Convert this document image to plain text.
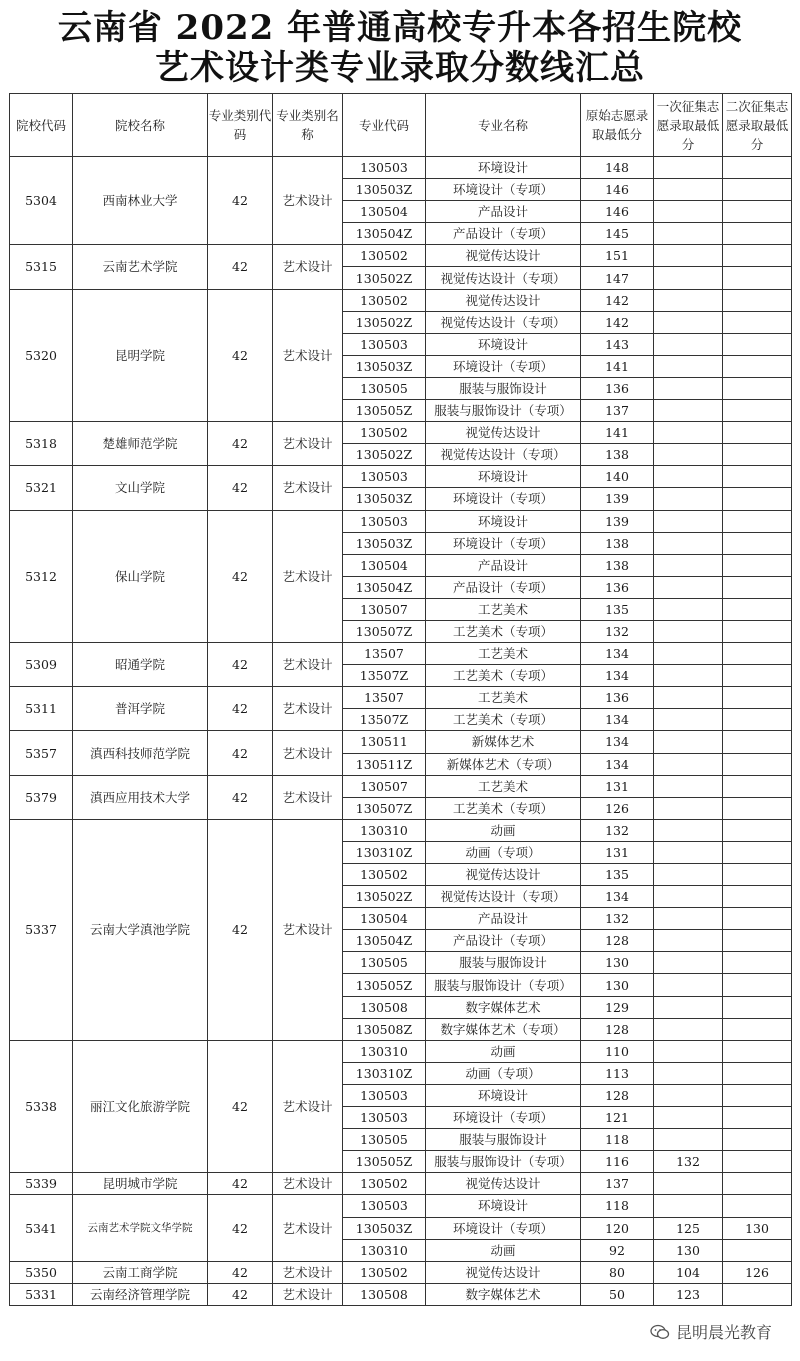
云南省 2022 年普通高校专升本各招生院校
艺术设计类专业录取分数线汇总
院校代码	院校名称	专业类别代码	专业类别名称	专业代码	专业名称	原始志愿录取最低分	一次征集志愿录取最低分	二次征集志愿录取最低分
5304	西南林业大学	42	艺术设计	130503	环境设计	148		
				130503Z	环境设计（专项）	146		
				130504	产品设计	146		
				130504Z	产品设计（专项）	145		
5315	云南艺术学院	42	艺术设计	130502	视觉传达设计	151		
				130502Z	视觉传达设计（专项）	147		
5320	昆明学院	42	艺术设计	130502	视觉传达设计	142		
				130502Z	视觉传达设计（专项）	142		
				130503	环境设计	143		
				130503Z	环境设计（专项）	141		
				130505	服装与服饰设计	136		
				130505Z	服装与服饰设计（专项）	137		
5318	楚雄师范学院	42	艺术设计	130502	视觉传达设计	141		
				130502Z	视觉传达设计（专项）	138		
5321	文山学院	42	艺术设计	130503	环境设计	140		
				130503Z	环境设计（专项）	139		
5312	保山学院	42	艺术设计	130503	环境设计	139		
				130503Z	环境设计（专项）	138		
				130504	产品设计	138		
				130504Z	产品设计（专项）	136		
				130507	工艺美术	135		
				130507Z	工艺美术（专项）	132		
5309	昭通学院	42	艺术设计	13507	工艺美术	134		
				13507Z	工艺美术（专项）	134		
5311	普洱学院	42	艺术设计	13507	工艺美术	136		
				13507Z	工艺美术（专项）	134		
5357	滇西科技师范学院	42	艺术设计	130511	新媒体艺术	134		
				130511Z	新媒体艺术（专项）	134		
5379	滇西应用技术大学	42	艺术设计	130507	工艺美术	131		
				130507Z	工艺美术（专项）	126		
5337	云南大学滇池学院	42	艺术设计	130310	动画	132		
				130310Z	动画（专项）	131		
				130502	视觉传达设计	135		
				130502Z	视觉传达设计（专项）	134		
				130504	产品设计	132		
				130504Z	产品设计（专项）	128		
				130505	服装与服饰设计	130		
				130505Z	服装与服饰设计（专项）	130		
				130508	数字媒体艺术	129		
				130508Z	数字媒体艺术（专项）	128		
5338	丽江文化旅游学院	42	艺术设计	130310	动画	110		
				130310Z	动画（专项）	113		
				130503	环境设计	128		
				130503	环境设计（专项）	121		
				130505	服装与服饰设计	118		
				130505Z	服装与服饰设计（专项）	116	132	
5339	昆明城市学院	42	艺术设计	130502	视觉传达设计	137		
5341	云南艺术学院文华学院	42	艺术设计	130503	环境设计	118		
				130503Z	环境设计（专项）	120	125	130
				130310	动画	92	130	
5350	云南工商学院	42	艺术设计	130502	视觉传达设计	80	104	126
5331	云南经济管理学院	42	艺术设计	130508	数字媒体艺术	50	123	
昆明晨光教育
